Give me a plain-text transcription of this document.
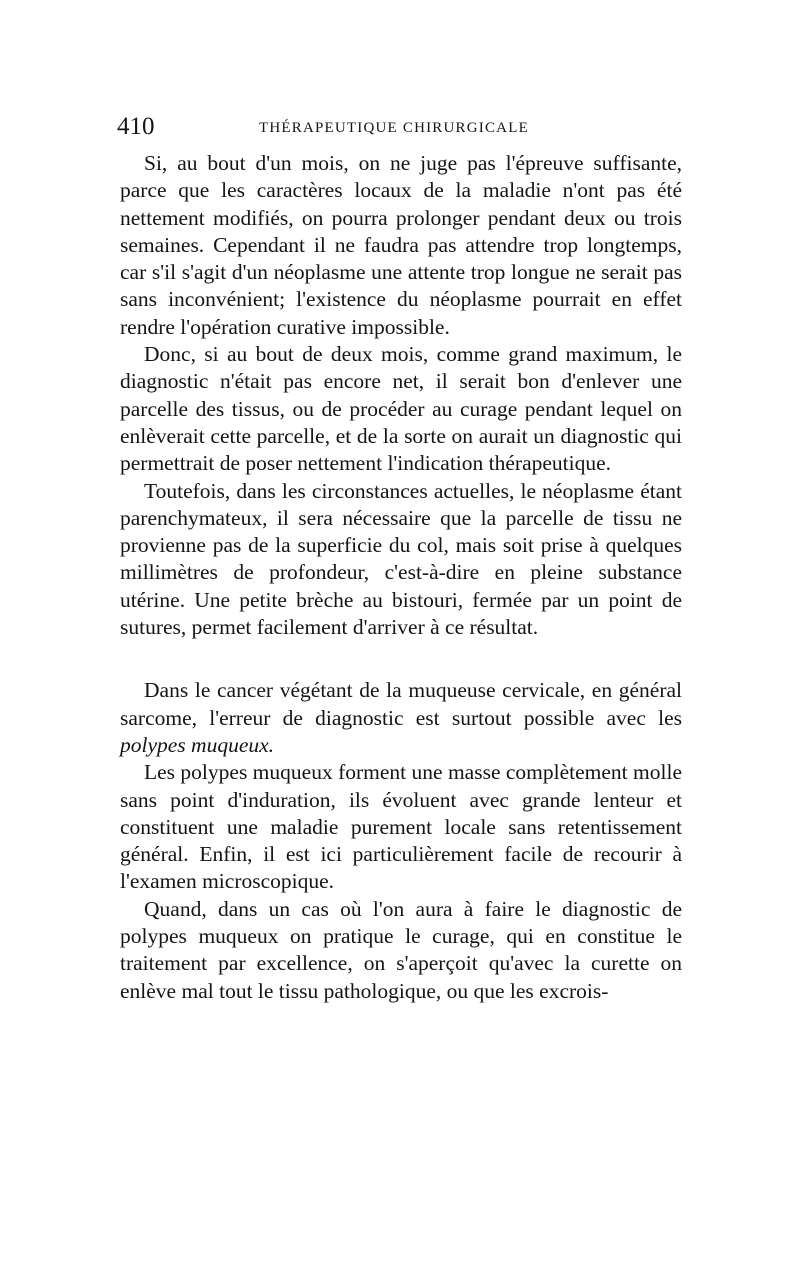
410	THÉRAPEUTIQUE CHIRURGICALE

Si, au bout d'un mois, on ne juge pas l'épreuve suffisante, parce que les caractères locaux de la maladie n'ont pas été nettement modifiés, on pourra prolonger pendant deux ou trois semaines. Cependant il ne faudra pas attendre trop longtemps, car s'il s'agit d'un néoplasme une attente trop longue ne serait pas sans inconvénient; l'existence du néoplasme pourrait en effet rendre l'opération curative impossible.

Donc, si au bout de deux mois, comme grand maximum, le diagnostic n'était pas encore net, il serait bon d'enlever une parcelle des tissus, ou de procéder au curage pendant lequel on enlèverait cette parcelle, et de la sorte on aurait un diagnostic qui permettrait de poser nettement l'indication thérapeutique.

Toutefois, dans les circonstances actuelles, le néoplasme étant parenchymateux, il sera nécessaire que la parcelle de tissu ne provienne pas de la superficie du col, mais soit prise à quelques millimètres de profondeur, c'est-à-dire en pleine substance utérine. Une petite brèche au bistouri, fermée par un point de sutures, permet facilement d'arriver à ce résultat.

Dans le cancer végétant de la muqueuse cervicale, en général sarcome, l'erreur de diagnostic est surtout possible avec les polypes muqueux.

Les polypes muqueux forment une masse complètement molle sans point d'induration, ils évoluent avec grande lenteur et constituent une maladie purement locale sans retentissement général. Enfin, il est ici particulièrement facile de recourir à l'examen microscopique.

Quand, dans un cas où l'on aura à faire le diagnostic de polypes muqueux on pratique le curage, qui en constitue le traitement par excellence, on s'aperçoit qu'avec la curette on enlève mal tout le tissu pathologique, ou que les excrois-
